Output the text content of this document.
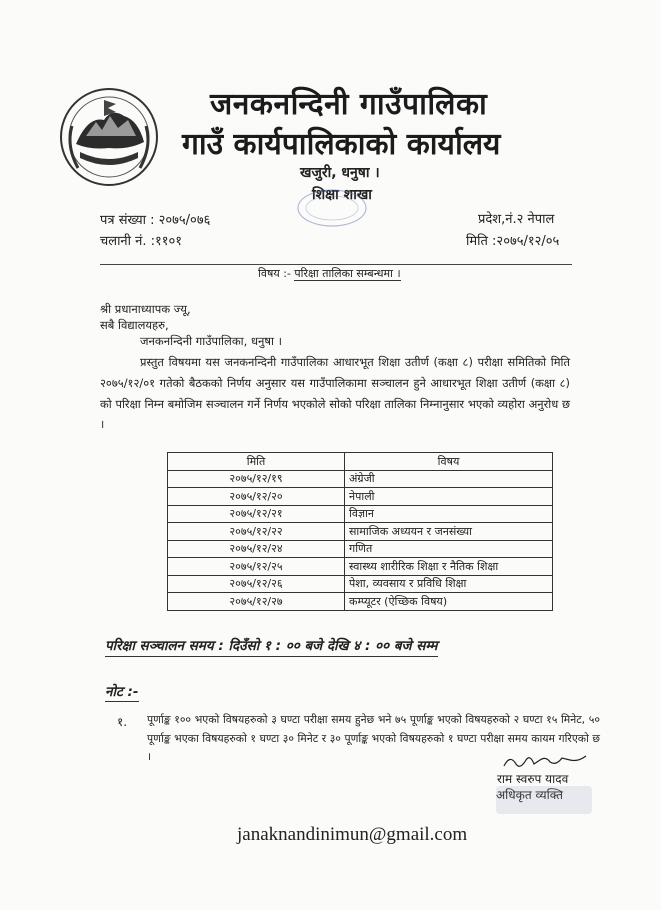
जनकनन्दिनी गाउँपालिका
गाउँ कार्यपालिकाको कार्यालय
खजुरी, धनुषा ।
शिक्षा शाखा
पत्र संख्या : २०७५/०७६
चलानी नं. :११०१
प्रदेश,नं.२ नेपाल
मिति :२०७५/१२/०५
विषय :- परिक्षा तालिका सम्बन्धमा ।
श्री प्रधानाध्यापक ज्यू,
सबै विद्यालयहरु,
जनकनन्दिनी गाउँपालिका, धनुषा ।
प्रस्तुत विषयमा यस जनकनन्दिनी गाउँपालिका आधारभूत शिक्षा उतीर्ण (कक्षा ८) परीक्षा समितिको मिति २०७५/१२/०१ गतेको बैठकको निर्णय अनुसार यस गाउँपालिकामा सञ्चालन हुने आधारभूत शिक्षा उतीर्ण (कक्षा ८) को परिक्षा निम्न बमोजिम सञ्चालन गर्ने निर्णय भएकोले सोको परिक्षा तालिका निम्नानुसार भएको व्यहोरा अनुरोध छ ।
मिति	विषय
२०७५/१२/१९	अंग्रेजी
२०७५/१२/२०	नेपाली
२०७५/१२/२१	विज्ञान
२०७५/१२/२२	सामाजिक अध्ययन र जनसंख्या
२०७५/१२/२४	गणित
२०७५/१२/२५	स्वास्थ्य शारीरिक शिक्षा र नैतिक शिक्षा
२०७५/१२/२६	पेशा, व्यवसाय र प्रविधि शिक्षा
२०७५/१२/२७	कम्प्यूटर (ऐच्छिक विषय)
परिक्षा सञ्चालन समय : दिउँसो १ : ०० बजे देखि ४ : ०० बजे सम्म
नोट :-
१. पूर्णाङ्क १०० भएको विषयहरुको ३ घण्टा परीक्षा समय हुनेछ भने ७५ पूर्णाङ्क भएको विषयहरुको २ घण्टा १५ मिनेट, ५० पूर्णाङ्क भएका विषयहरुको १ घण्टा ३० मिनेट र ३० पूर्णाङ्क भएको विषयहरुको १ घण्टा परीक्षा समय कायम गरिएको छ ।
राम स्वरुप यादव
अधिकृत व्यक्ति
janaknandinimun@gmail.com
